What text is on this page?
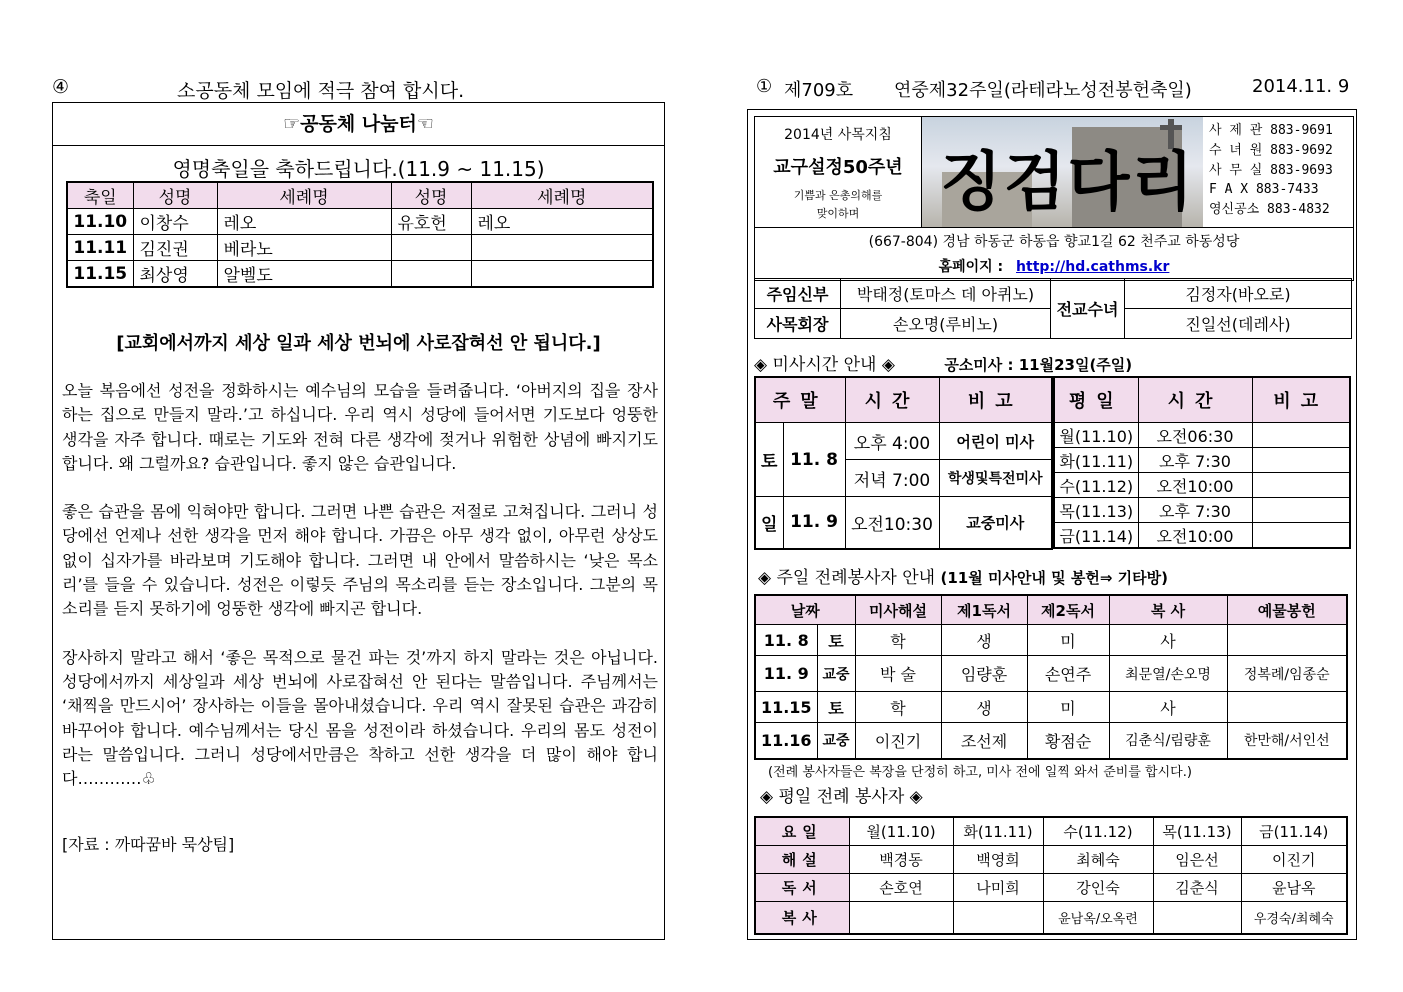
④	소공동체 모임에 적극 참여 합시다.
☞공동체 나눔터☜
영명축일을 축하드립니다.(11.9 ~ 11.15)
축일	성명	세례명	성명	세례명
11.10	이창수	레오	유호헌	레오
11.11	김진권	베라노		
11.15	최상영	알벨도		
[교회에서까지 세상 일과 세상 번뇌에 사로잡혀선 안 됩니다.]

오늘 복음에선 성전을 정화하시는 예수님의 모습을 들려줍니다. ‘아버지의 집을 장사하는 집으로 만들지 말라.’고 하십니다. 우리 역시 성당에 들어서면 기도보다 엉뚱한 생각을 자주 합니다. 때로는 기도와 전혀 다른 생각에 젖거나 위험한 상념에 빠지기도 합니다. 왜 그럴까요? 습관입니다. 좋지 않은 습관입니다.

좋은 습관을 몸에 익혀야만 합니다. 그러면 나쁜 습관은 저절로 고쳐집니다. 그러니 성당에선 언제나 선한 생각을 먼저 해야 합니다. 가끔은 아무 생각 없이, 아무런 상상도 없이 십자가를 바라보며 기도해야 합니다. 그러면 내 안에서 말씀하시는 ‘낮은 목소리’를 들을 수 있습니다. 성전은 이렇듯 주님의 목소리를 듣는 장소입니다. 그분의 목소리를 듣지 못하기에 엉뚱한 생각에 빠지곤 합니다.

장사하지 말라고 해서 ‘좋은 목적으로 물건 파는 것’까지 하지 말라는 것은 아닙니다. 성당에서까지 세상일과 세상 번뇌에 사로잡혀선 안 된다는 말씀입니다. 주님께서는 ‘채찍을 만드시어’ 장사하는 이들을 몰아내셨습니다. 우리 역시 잘못된 습관은 과감히 바꾸어야 합니다. 예수님께서는 당신 몸을 성전이라 하셨습니다. 우리의 몸도 성전이라는 말씀입니다. 그러니 성당에서만큼은 착하고 선한 생각을 더 많이 해야 합니다…………♧

[자료 : 까따꿈바 묵상팀]
① 제709호 연중제32주일(라테라노성전봉헌축일)	2014.11. 9
2014년 사목지침
교구설정50주년
기쁨과 은총의해를
맞이하며	징검다리
사 제 관 883-9691
수 녀 원 883-9692
사 무 실 883-9693
F A X 883-7433
영신공소 883-4832
(667-804) 경남 하동군 하동읍 향교1길 62 천주교 하동성당
홈페이지 : http://hd.cathms.kr
주임신부	박태정(토마스 데 아퀴노)	전교수녀	김정자(바오로)
사목회장	손오명(루비노)		진일선(데레사)
◈ 미사시간 안내 ◈	공소미사 : 11월23일(주일)
주말		시간	비고
토	11. 8	오후 4:00	어린이 미사
		저녁 7:00	학생및특전미사
일	11. 9	오전10:30	교중미사
평일	시간	비고
월(11.10)	오전06:30	
화(11.11)	오후 7:30	
수(11.12)	오전10:00	
목(11.13)	오후 7:30	
금(11.14)	오전10:00	
◈ 주일 전례봉사자 안내 (11월 미사안내 및 봉헌⇒ 기타방)
날짜		미사해설	제1독서	제2독서	복 사	예물봉헌
11. 8	토	학	생	미	사	
11. 9	교중	박 술	임량훈	손연주	최문열/손오명	정복례/임종순
11.15	토	학	생	미	사	
11.16	교중	이진기	조선제	황점순	김춘식/림량훈	한만해/서인선
(전례 봉사자들은 복장을 단정히 하고, 미사 전에 일찍 와서 준비를 합시다.)
◈ 평일 전례 봉사자 ◈
요일	월(11.10)	화(11.11)	수(11.12)	목(11.13)	금(11.14)
해설	백경동	백영희	최혜숙	임은선	이진기
독서	손호연	나미희	강인숙	김춘식	윤남옥
복사			윤남옥/오옥련		우경숙/최혜숙
